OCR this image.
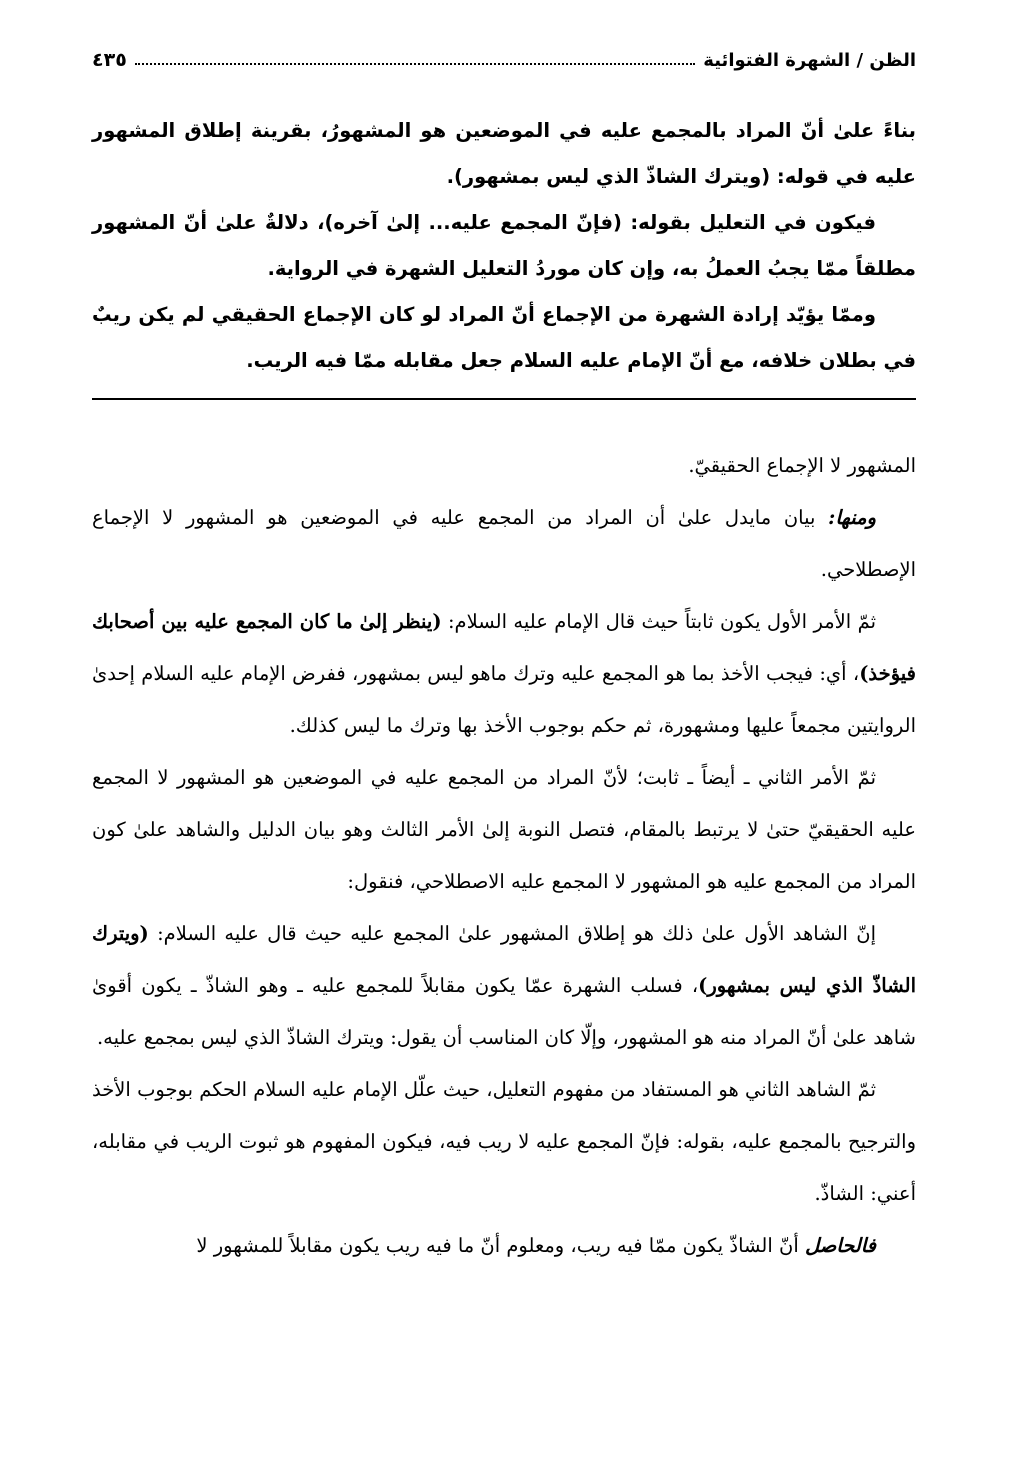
الظن / الشهرة الفتوائية
٤٣٥

بناءً علىٰ أنّ المراد بالمجمع عليه في الموضعين هو المشهورُ، بقرينة إطلاق المشهور عليه في قوله: (ويترك الشاذّ الذي ليس بمشهور).

فيكون في التعليل بقوله: (فإنّ المجمع عليه... إلىٰ آخره)، دلالةٌ علىٰ أنّ المشهور مطلقاً ممّا يجبُ العملُ به، وإن كان موردُ التعليل الشهرة في الرواية.

وممّا يؤيّد إرادة الشهرة من الإجماع أنّ المراد لو كان الإجماع الحقيقي لم يكن ريبٌ في بطلان خلافه، مع أنّ الإمام عليه السلام جعل مقابله ممّا فيه الريب.

المشهور لا الإجماع الحقيقيّ.

ومنها: بيان مايدل علىٰ أن المراد من المجمع عليه في الموضعين هو المشهور لا الإجماع الإصطلاحي.

ثمّ الأمر الأول يكون ثابتاً حيث قال الإمام عليه السلام: (ينظر إلىٰ ما كان المجمع عليه بين أصحابك فيؤخذ)، أي: فيجب الأخذ بما هو المجمع عليه وترك ماهو ليس بمشهور، ففرض الإمام عليه السلام إحدىٰ الروايتين مجمعاً عليها ومشهورة، ثم حكم بوجوب الأخذ بها وترك ما ليس كذلك.

ثمّ الأمر الثاني ـ أيضاً ـ ثابت؛ لأنّ المراد من المجمع عليه في الموضعين هو المشهور لا المجمع عليه الحقيقيّ حتىٰ لا يرتبط بالمقام، فتصل النوبة إلىٰ الأمر الثالث وهو بيان الدليل والشاهد علىٰ كون المراد من المجمع عليه هو المشهور لا المجمع عليه الاصطلاحي، فنقول:

إنّ الشاهد الأول علىٰ ذلك هو إطلاق المشهور علىٰ المجمع عليه حيث قال عليه السلام: (ويترك الشاذّ الذي ليس بمشهور)، فسلب الشهرة عمّا يكون مقابلاً للمجمع عليه ـ وهو الشاذّ ـ يكون أقوىٰ شاهد علىٰ أنّ المراد منه هو المشهور، وإلّا كان المناسب أن يقول: ويترك الشاذّ الذي ليس بمجمع عليه.

ثمّ الشاهد الثاني هو المستفاد من مفهوم التعليل، حيث علّل الإمام عليه السلام الحكم بوجوب الأخذ والترجيح بالمجمع عليه، بقوله: فإنّ المجمع عليه لا ريب فيه، فيكون المفهوم هو ثبوت الريب في مقابله، أعني: الشاذّ.

فالحاصل أنّ الشاذّ يكون ممّا فيه ريب، ومعلوم أنّ ما فيه ريب يكون مقابلاً للمشهور لا
